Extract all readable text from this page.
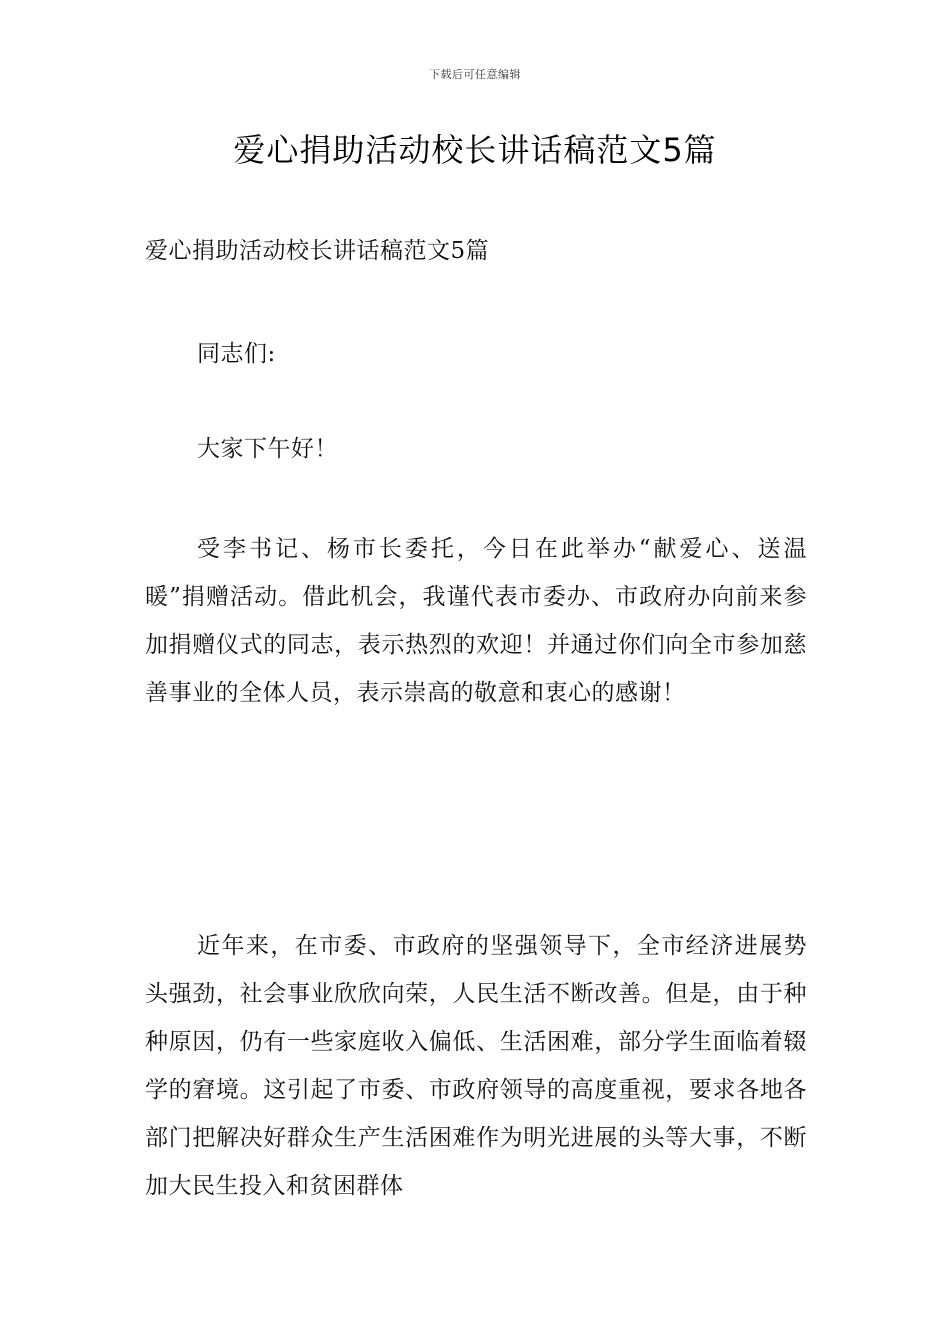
下载后可任意编辑
爱心捐助活动校长讲话稿范文5篇

爱心捐助活动校长讲话稿范文5篇

同志们:

大家下午好！

受李书记、杨市长委托，今日在此举办“献爱心、送温暖”捐赠活动。借此机会，我谨代表市委办、市政府办向前来参加捐赠仪式的同志，表示热烈的欢迎！并通过你们向全市参加慈善事业的全体人员，表示崇高的敬意和衷心的感谢！

近年来，在市委、市政府的坚强领导下，全市经济进展势头强劲，社会事业欣欣向荣，人民生活不断改善。但是，由于种种原因，仍有一些家庭收入偏低、生活困难，部分学生面临着辍学的窘境。这引起了市委、市政府领导的高度重视，要求各地各部门把解决好群众生产生活困难作为明光进展的头等大事，不断加大民生投入和贫困群体
